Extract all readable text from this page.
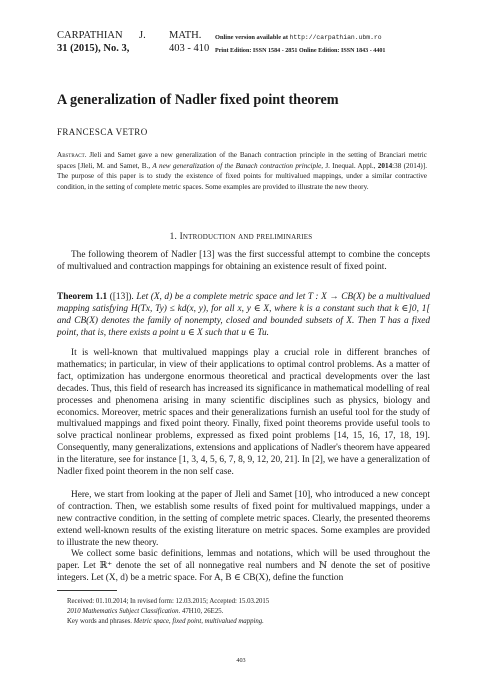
CARPATHIAN J. MATH.
31 (2015), No. 3,	403 - 410
Online version available at http://carpathian.ubm.ro
Print Edition: ISSN 1584 - 2851 Online Edition: ISSN 1843 - 4401
A generalization of Nadler fixed point theorem
FRANCESCA VETRO
Abstract. Jleli and Samet gave a new generalization of the Banach contraction principle in the setting of Branciari metric spaces [Jleli, M. and Samet, B., A new generalization of the Banach contraction principle, J. Inequal. Appl., 2014:38 (2014)]. The purpose of this paper is to study the existence of fixed points for multivalued mappings, under a similar contractive condition, in the setting of complete metric spaces. Some examples are provided to illustrate the new theory.
1. Introduction and preliminaries

The following theorem of Nadler [13] was the first successful attempt to combine the concepts of multivalued and contraction mappings for obtaining an existence result of fixed point.

Theorem 1.1 ([13]). Let (X, d) be a complete metric space and let T : X → CB(X) be a multivalued mapping satisfying H(Tx, Ty) ≤ kd(x, y), for all x, y ∈ X, where k is a constant such that k ∈]0, 1[ and CB(X) denotes the family of nonempty, closed and bounded subsets of X. Then T has a fixed point, that is, there exists a point u ∈ X such that u ∈ Tu.

It is well-known that multivalued mappings play a crucial role in different branches of mathematics; in particular, in view of their applications to optimal control problems. As a matter of fact, optimization has undergone enormous theoretical and practical developments over the last decades. Thus, this field of research has increased its significance in mathematical modelling of real processes and phenomena arising in many scientific disciplines such as physics, biology and economics. Moreover, metric spaces and their generalizations furnish an useful tool for the study of multivalued mappings and fixed point theory. Finally, fixed point theorems provide useful tools to solve practical nonlinear problems, expressed as fixed point problems [14, 15, 16, 17, 18, 19]. Consequently, many generalizations, extensions and applications of Nadler's theorem have appeared in the literature, see for instance [1, 3, 4, 5, 6, 7, 8, 9, 12, 20, 21]. In [2], we have a generalization of Nadler fixed point theorem in the non self case.

Here, we start from looking at the paper of Jleli and Samet [10], who introduced a new concept of contraction. Then, we establish some results of fixed point for multivalued mappings, under a new contractive condition, in the setting of complete metric spaces. Clearly, the presented theorems extend well-known results of the existing literature on metric spaces. Some examples are provided to illustrate the new theory.

We collect some basic definitions, lemmas and notations, which will be used throughout the paper. Let ℝ⁺ denote the set of all nonnegative real numbers and ℕ denote the set of positive integers. Let (X, d) be a metric space. For A, B ∈ CB(X), define the function

Received: 01.10.2014; In revised form: 12.03.2015; Accepted: 15.03.2015
2010 Mathematics Subject Classification. 47H10, 26E25.
Key words and phrases. Metric space, fixed point, multivalued mapping.
403
